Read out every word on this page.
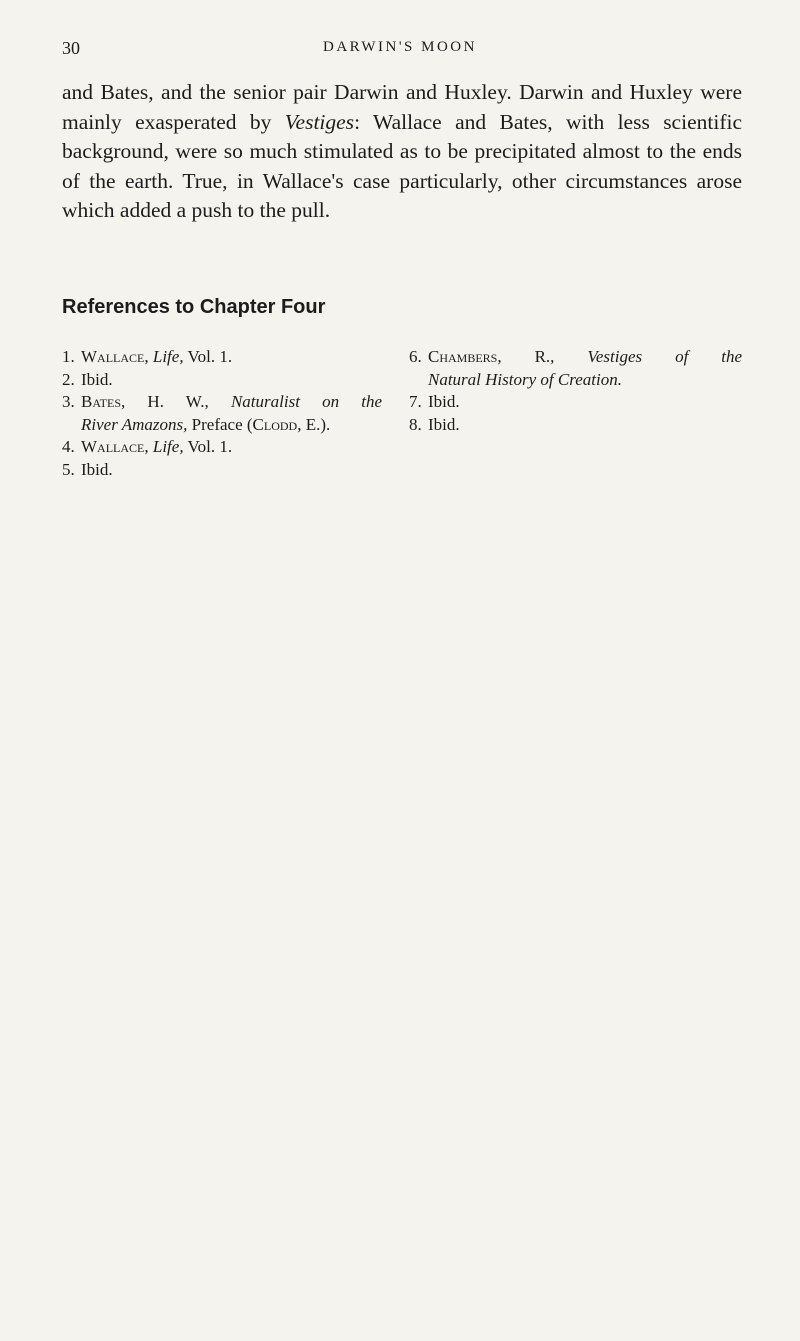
30	DARWIN'S MOON

and Bates, and the senior pair Darwin and Huxley. Darwin and Huxley were mainly exasperated by Vestiges: Wallace and Bates, with less scientific background, were so much stimulated as to be precipitated almost to the ends of the earth. True, in Wallace's case particularly, other circumstances arose which added a push to the pull.

References to Chapter Four
1. Wallace, Life, Vol. 1.
2. Ibid.
3. Bates, H. W., Naturalist on the
River Amazons, Preface (Clodd, E.).
4. Wallace, Life, Vol. 1.
5. Ibid.
6. Chambers, R., Vestiges of the
Natural History of Creation.
7. Ibid.
8. Ibid.
